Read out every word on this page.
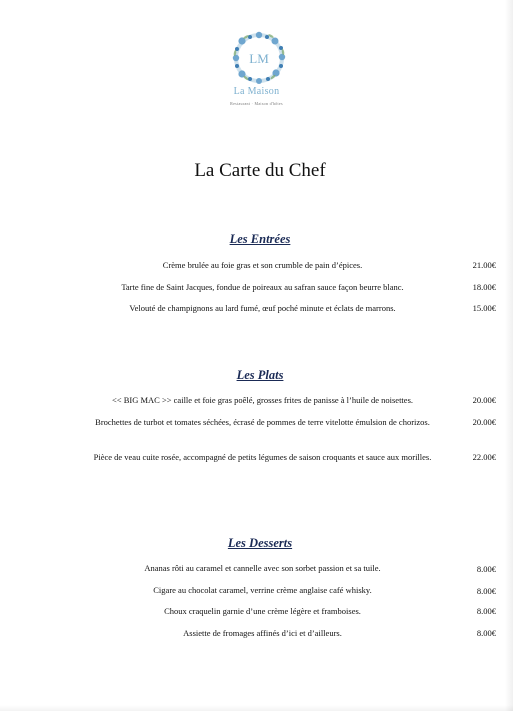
LM
La Maison
Restaurant · Maison d'hôtes
La Carte du Chef
Les Entrées
Crème brulée au foie gras et son crumble de pain d’épices.	21.00€
Tarte fine de Saint Jacques, fondue de poireaux au safran sauce façon beurre blanc.	18.00€
Velouté de champignons au lard fumé, œuf poché minute et éclats de marrons.	15.00€
Les Plats
<< BIG MAC >> caille et foie gras poêlé, grosses frites de panisse à l’huile de noisettes.	20.00€
Brochettes de turbot et tomates séchées, écrasé de pommes de terre vitelotte émulsion de chorizos.	20.00€
Pièce de veau cuite rosée, accompagné de petits légumes de saison croquants et sauce aux morilles.	22.00€
Les Desserts
Ananas rôti au caramel et cannelle avec son sorbet passion et sa tuile.	8.00€
Cigare au chocolat caramel, verrine crème anglaise café whisky.	8.00€
Choux craquelin garnie d’une crème légère et framboises.	8.00€
Assiette de fromages affinés d’ici et d’ailleurs.	8.00€
